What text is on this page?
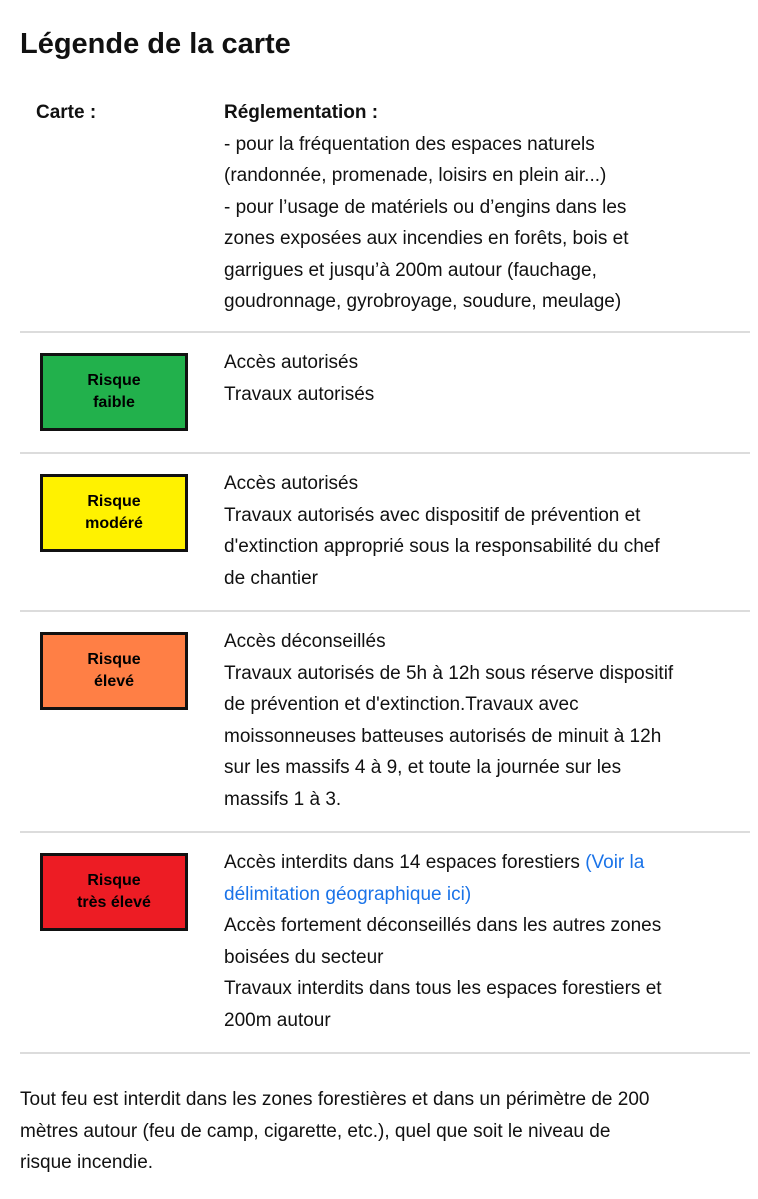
Légende de la carte
Carte :	Réglementation :
- pour la fréquentation des espaces naturels
(randonnée, promenade, loisirs en plein air...)
- pour l’usage de matériels ou d’engins dans les
zones exposées aux incendies en forêts, bois et
garrigues et jusqu’à 200m autour (fauchage,
goudronnage, gyrobroyage, soudure, meulage)
Risque
faible
Accès autorisés
Travaux autorisés
Risque
modéré
Accès autorisés
Travaux autorisés avec dispositif de prévention et
d'extinction approprié sous la responsabilité du chef
de chantier
Risque
élevé
Accès déconseillés
Travaux autorisés de 5h à 12h sous réserve dispositif
de prévention et d'extinction.Travaux avec
moissonneuses batteuses autorisés de minuit à 12h
sur les massifs 4 à 9, et toute la journée sur les
massifs 1 à 3.
Risque
très élevé
Accès interdits dans 14 espaces forestiers (Voir la
délimitation géographique ici)
Accès fortement déconseillés dans les autres zones
boisées du secteur
Travaux interdits dans tous les espaces forestiers et
200m autour
Tout feu est interdit dans les zones forestières et dans un périmètre de 200
mètres autour (feu de camp, cigarette, etc.), quel que soit le niveau de
risque incendie.
